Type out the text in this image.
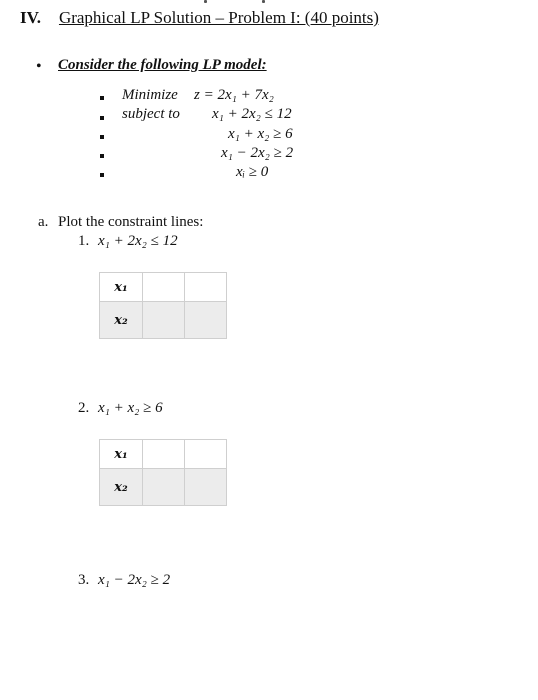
IV. Graphical LP Solution – Problem I: (40 points)
• Consider the following LP model:
Minimize z = 2x₁ + 7x₂
subject to x₁ + 2x₂ ≤ 12
x₁ + x₂ ≥ 6
x₁ − 2x₂ ≥ 2
xᵢ ≥ 0
a. Plot the constraint lines:
1. x₁ + 2x₂ ≤ 12
x₁		
x₂		
2. x₁ + x₂ ≥ 6
x₁		
x₂		
3. x₁ − 2x₂ ≥ 2
